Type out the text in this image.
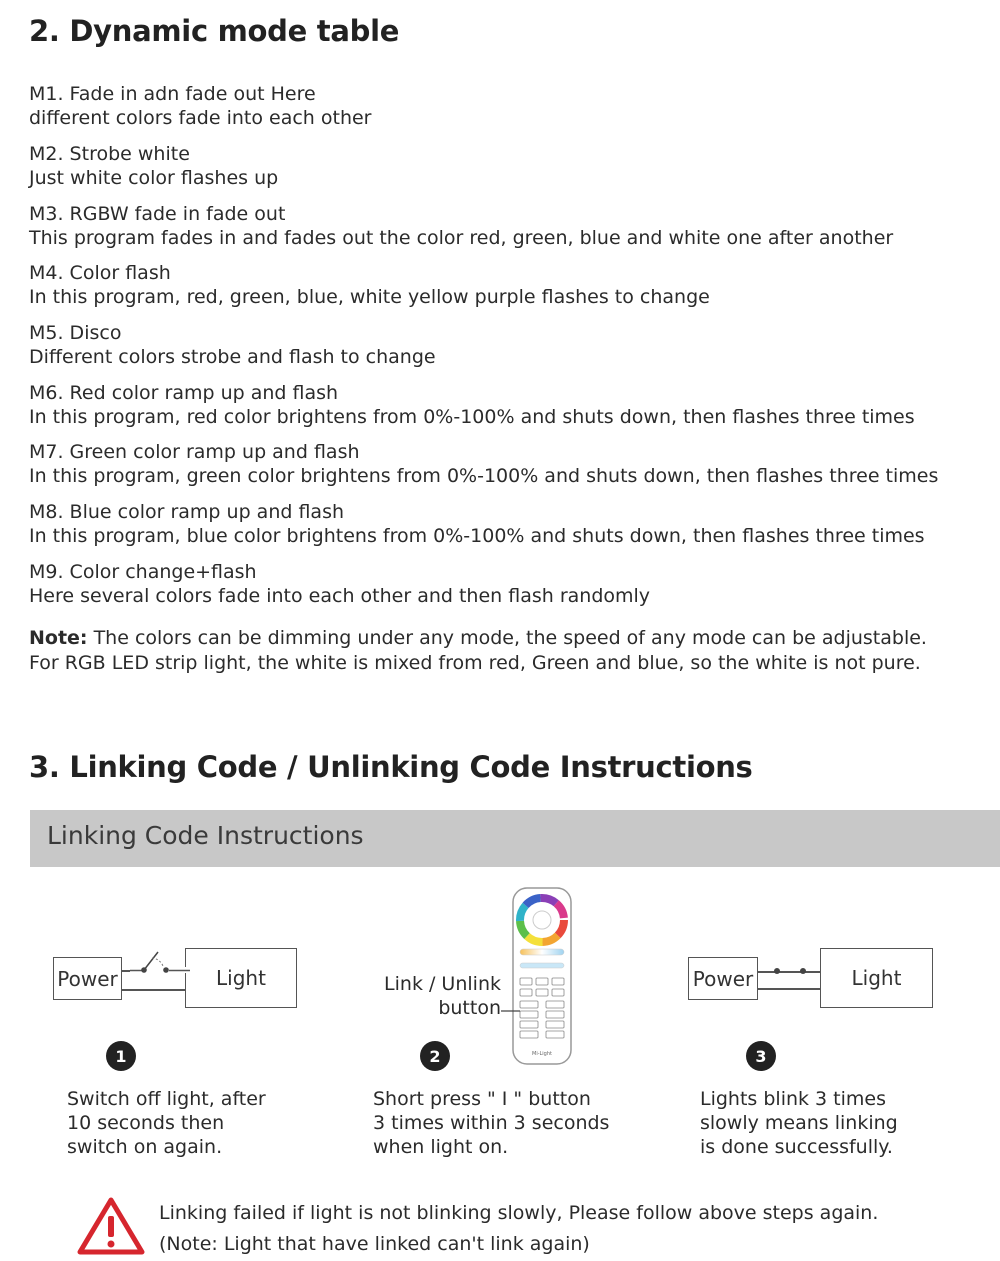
2. Dynamic mode table
M1. Fade in adn fade out Here
different colors fade into each other
M2. Strobe white
Just white color flashes up
M3. RGBW fade in fade out
This program fades in and fades out the color red, green, blue and white one after another
M4. Color flash
In this program, red, green, blue, white yellow purple flashes to change
M5. Disco
Different colors strobe and flash to change
M6. Red color ramp up and flash
In this program, red color brightens from 0%-100% and shuts down, then flashes three times
M7. Green color ramp up and flash
In this program, green color brightens from 0%-100% and shuts down, then flashes three times
M8. Blue color ramp up and flash
In this program, blue color brightens from 0%-100% and shuts down, then flashes three times
M9. Color change+flash
Here several colors fade into each other and then flash randomly
Note: The colors can be dimming under any mode, the speed of any mode can be adjustable.
For RGB LED strip light, the white is mixed from red, Green and blue, so the white is not pure.
3. Linking Code / Unlinking Code Instructions
Linking Code Instructions
Power	Light	Link / Unlink
button
Mi-Light
Power	Light
1	2	3
Switch off light, after
10 seconds then
switch on again.
Short press " I " button
3 times within 3 seconds
when light on.
Lights blink 3 times
slowly means linking
is done successfully.
Linking failed if light is not blinking slowly, Please follow above steps again.
(Note: Light that have linked can't link again)
